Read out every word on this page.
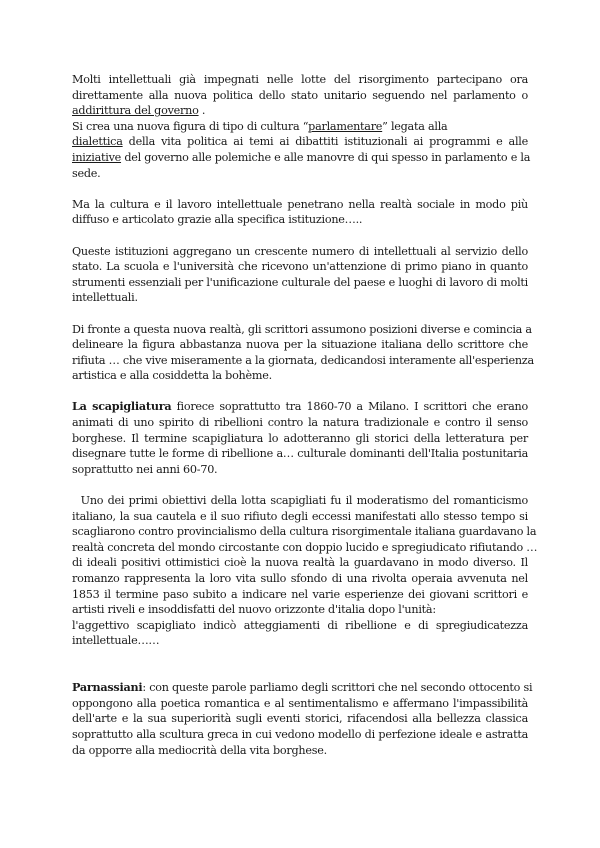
Molti intellettuali già impegnati nelle lotte del risorgimento partecipano ora
direttamente alla nuova politica dello stato unitario seguendo nel parlamento o
addirittura del governo .
Si crea una nuova figura di tipo di cultura “parlamentare” legata alla
dialettica della vita politica ai temi ai dibattiti istituzionali ai programmi e alle
iniziative del governo alle polemiche e alle manovre di qui spesso in parlamento e la
sede.
Ma la cultura e il lavoro intellettuale penetrano nella realtà sociale in modo più
diffuso e articolato grazie alla specifica istituzione…..
Queste istituzioni aggregano un crescente numero di intellettuali al servizio dello
stato. La scuola e l'università che ricevono un'attenzione di primo piano in quanto
strumenti essenziali per l'unificazione culturale del paese e luoghi di lavoro di molti
intellettuali.
Di fronte a questa nuova realtà, gli scrittori assumono posizioni diverse e comincia a
delineare la figura abbastanza nuova per la situazione italiana dello scrittore che
rifiuta … che vive miseramente a la giornata, dedicandosi interamente all'esperienza
artistica e alla cosiddetta la bohème.
La scapigliatura fiorece soprattutto tra 1860-70 a Milano. I scrittori che erano
animati di uno spirito di ribellioni contro la natura tradizionale e contro il senso
borghese. Il termine scapigliatura lo adotteranno gli storici della letteratura per
disegnare tutte le forme di ribellione a… culturale dominanti dell'Italia postunitaria
soprattutto nei anni 60-70.
Uno dei primi obiettivi della lotta scapigliati fu il moderatismo del romanticismo
italiano, la sua cautela e il suo rifiuto degli eccessi manifestati allo stesso tempo si
scagliarono contro provincialismo della cultura risorgimentale italiana guardavano la
realtà concreta del mondo circostante con doppio lucido e spregiudicato rifiutando …
di ideali positivi ottimistici cioè la nuova realtà la guardavano in modo diverso. Il
romanzo rappresenta la loro vita sullo sfondo di una rivolta operaia avvenuta nel
1853 il termine paso subito a indicare nel varie esperienze dei giovani scrittori e
artisti riveli e insoddisfatti del nuovo orizzonte d'italia dopo l'unità:
l'aggettivo scapigliato indicò atteggiamenti di ribellione e di spregiudicatezza
intellettuale……
Parnassiani: con queste parole parliamo degli scrittori che nel secondo ottocento si
oppongono alla poetica romantica e al sentimentalismo e affermano l'impassibilità
dell'arte e la sua superiorità sugli eventi storici, rifacendosi alla bellezza classica
soprattutto alla scultura greca in cui vedono modello di perfezione ideale e astratta
da opporre alla mediocrità della vita borghese.
